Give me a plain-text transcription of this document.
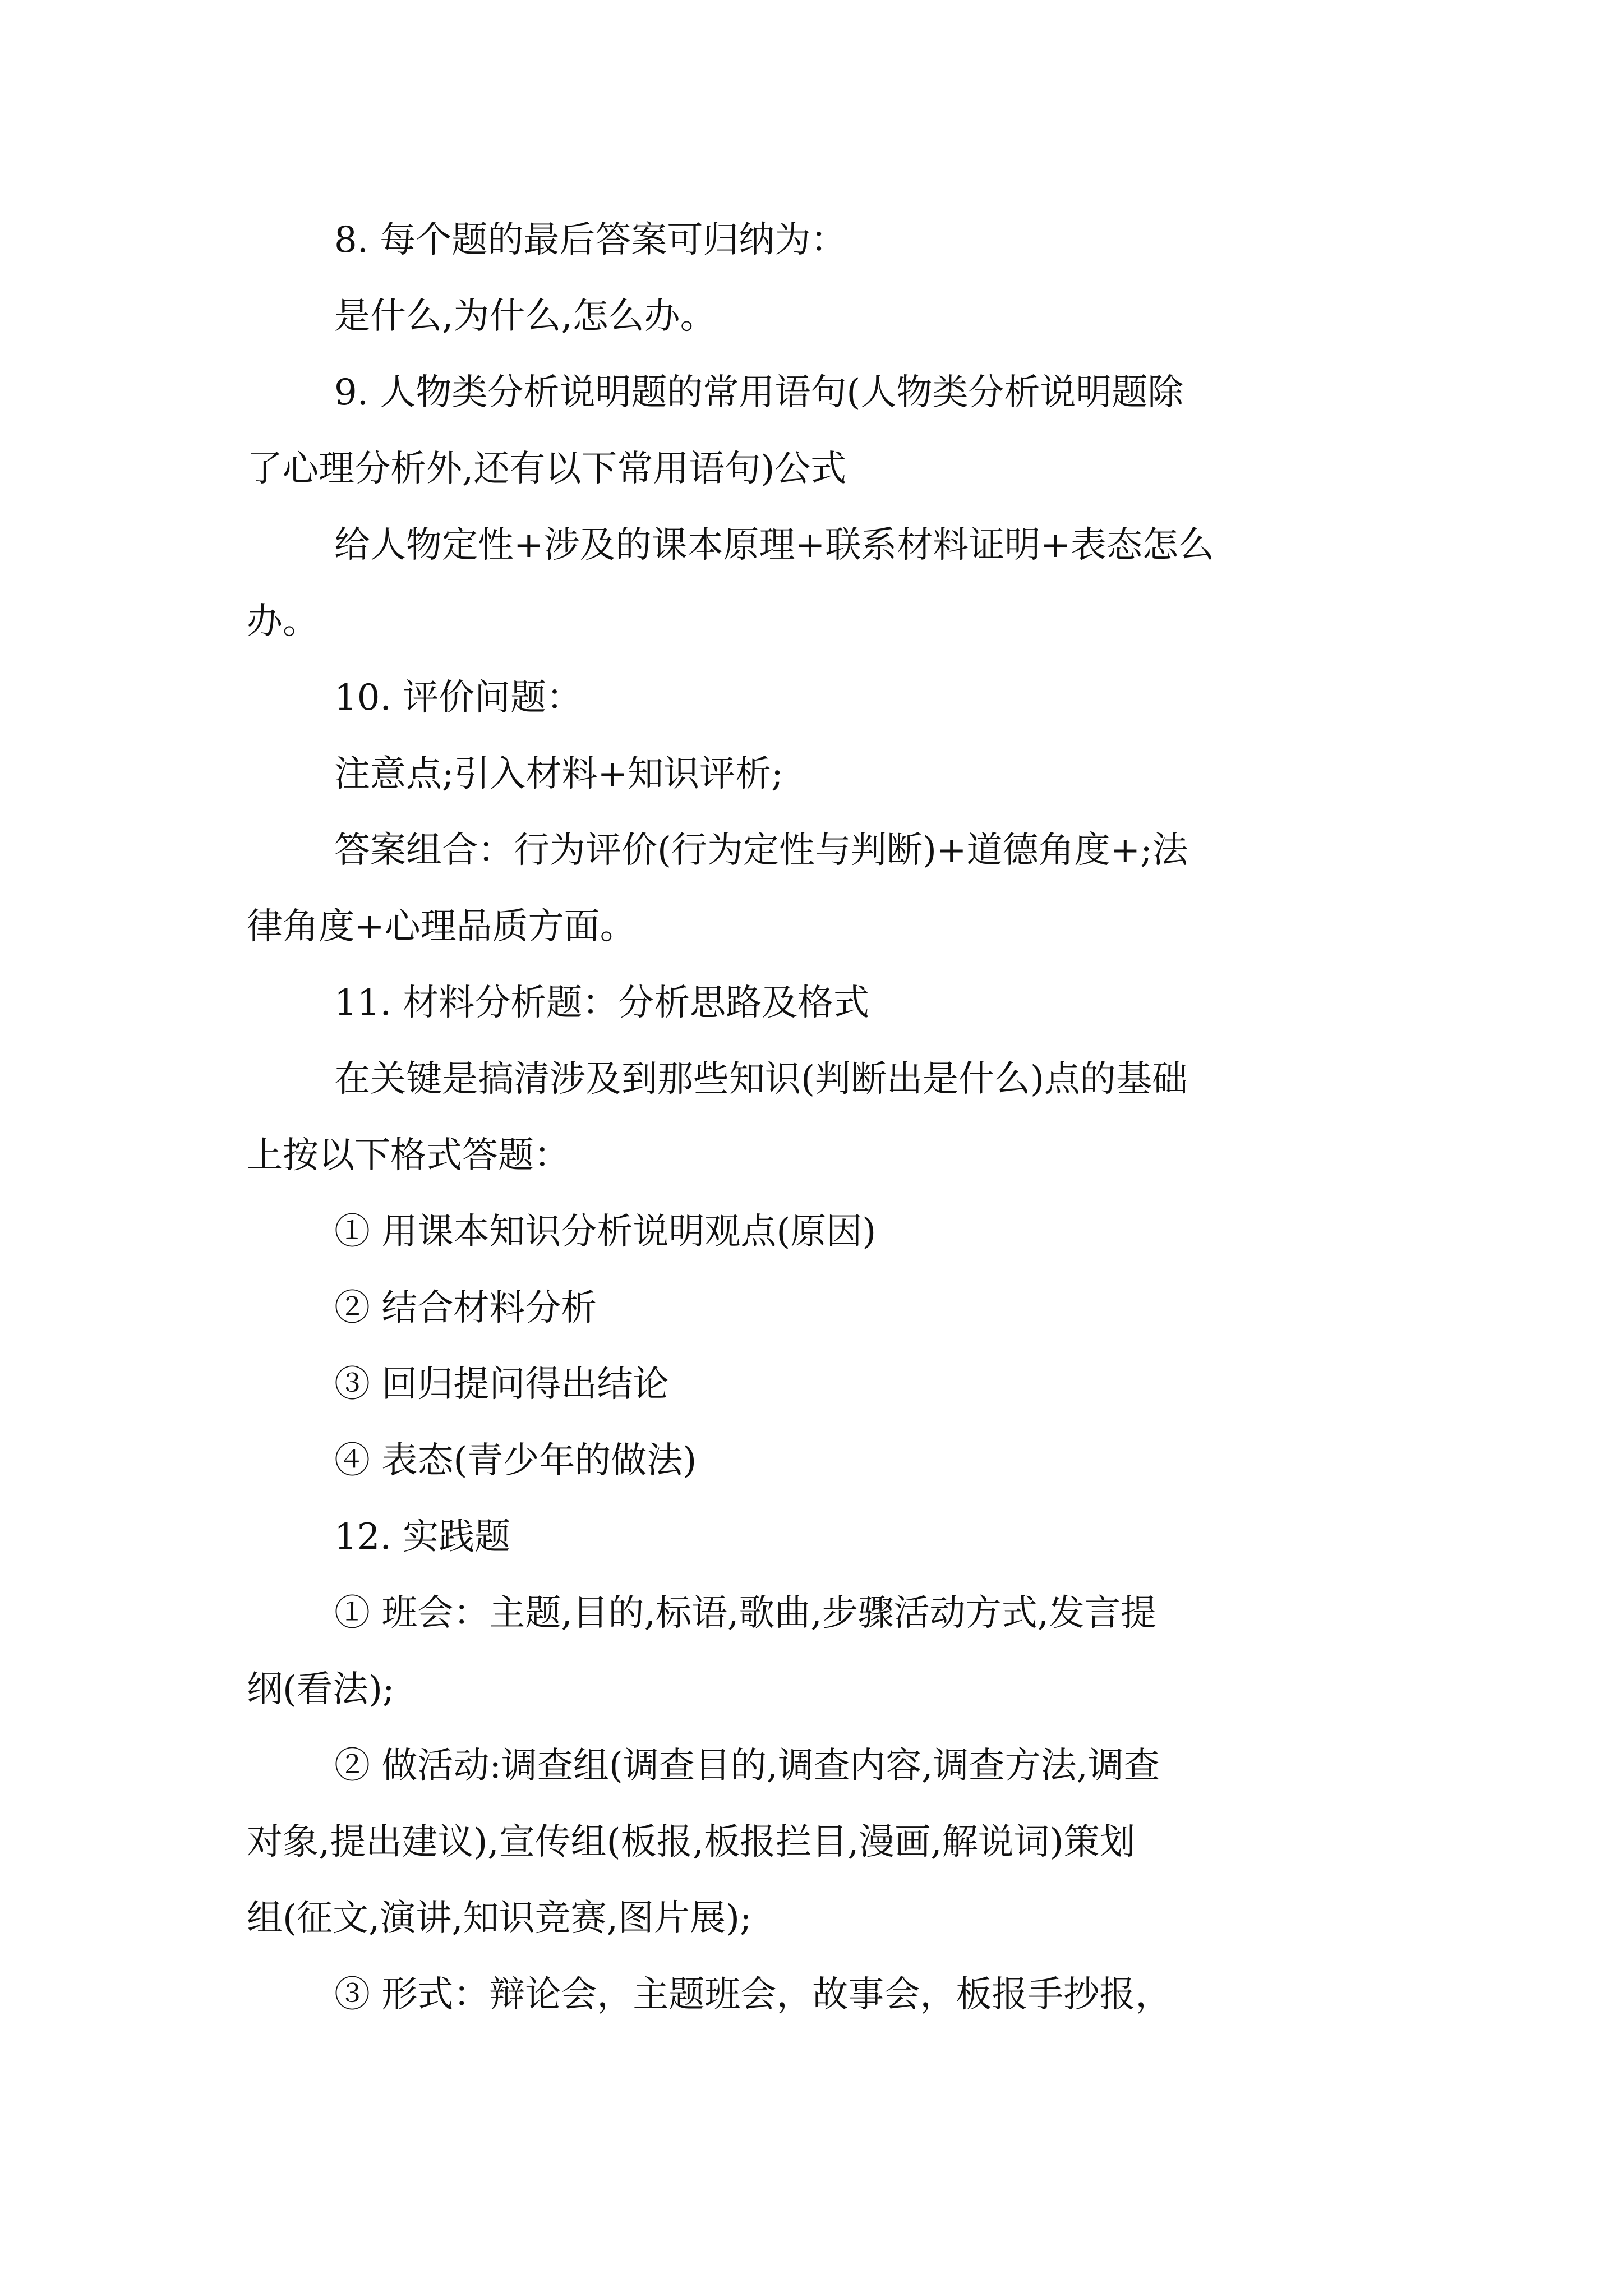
8. 每个题的最后答案可归纳为：
是什么,为什么,怎么办。
9. 人物类分析说明题的常用语句(人物类分析说明题除
了心理分析外,还有以下常用语句)公式
给人物定性+涉及的课本原理+联系材料证明+表态怎么
办。
10. 评价问题：
注意点;引入材料+知识评析;
答案组合：行为评价(行为定性与判断)+道德角度+;法
律角度+心理品质方面。
11. 材料分析题：分析思路及格式
在关键是搞清涉及到那些知识(判断出是什么)点的基础
上按以下格式答题：
① 用课本知识分析说明观点(原因)
② 结合材料分析
③ 回归提问得出结论
④ 表态(青少年的做法)
12. 实践题
① 班会：主题,目的,标语,歌曲,步骤活动方式,发言提
纲(看法);
② 做活动:调查组(调查目的,调查内容,调查方法,调查
对象,提出建议),宣传组(板报,板报拦目,漫画,解说词)策划
组(征文,演讲,知识竞赛,图片展);
③ 形式：辩论会，主题班会，故事会，板报手抄报，
